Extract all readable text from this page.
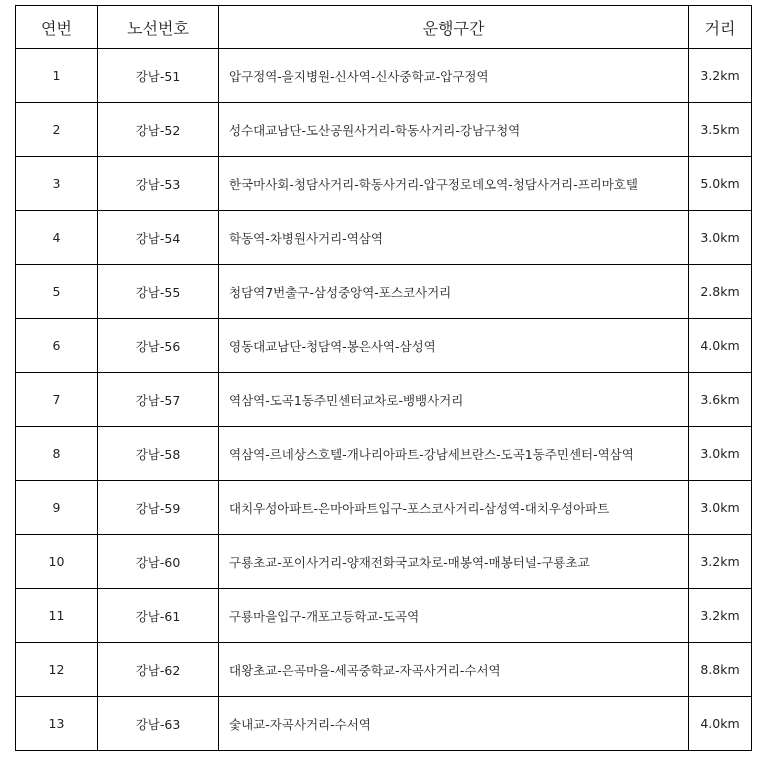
연번	노선번호	운행구간	거리
1	강남-51	압구정역-을지병원-신사역-신사중학교-압구정역	3.2km
2	강남-52	성수대교남단-도산공원사거리-학동사거리-강남구청역	3.5km
3	강남-53	한국마사회-청담사거리-학동사거리-압구정로데오역-청담사거리-프리마호텔	5.0km
4	강남-54	학동역-차병원사거리-역삼역	3.0km
5	강남-55	청담역7번출구-삼성중앙역-포스코사거리	2.8km
6	강남-56	영동대교남단-청담역-봉은사역-삼성역	4.0km
7	강남-57	역삼역-도곡1동주민센터교차로-뱅뱅사거리	3.6km
8	강남-58	역삼역-르네상스호텔-개나리아파트-강남세브란스-도곡1동주민센터-역삼역	3.0km
9	강남-59	대치우성아파트-은마아파트입구-포스코사거리-삼성역-대치우성아파트	3.0km
10	강남-60	구룡초교-포이사거리-양재전화국교차로-매봉역-매봉터널-구룡초교	3.2km
11	강남-61	구룡마을입구-개포고등학교-도곡역	3.2km
12	강남-62	대왕초교-은곡마을-세곡중학교-자곡사거리-수서역	8.8km
13	강남-63	숯내교-자곡사거리-수서역	4.0km
